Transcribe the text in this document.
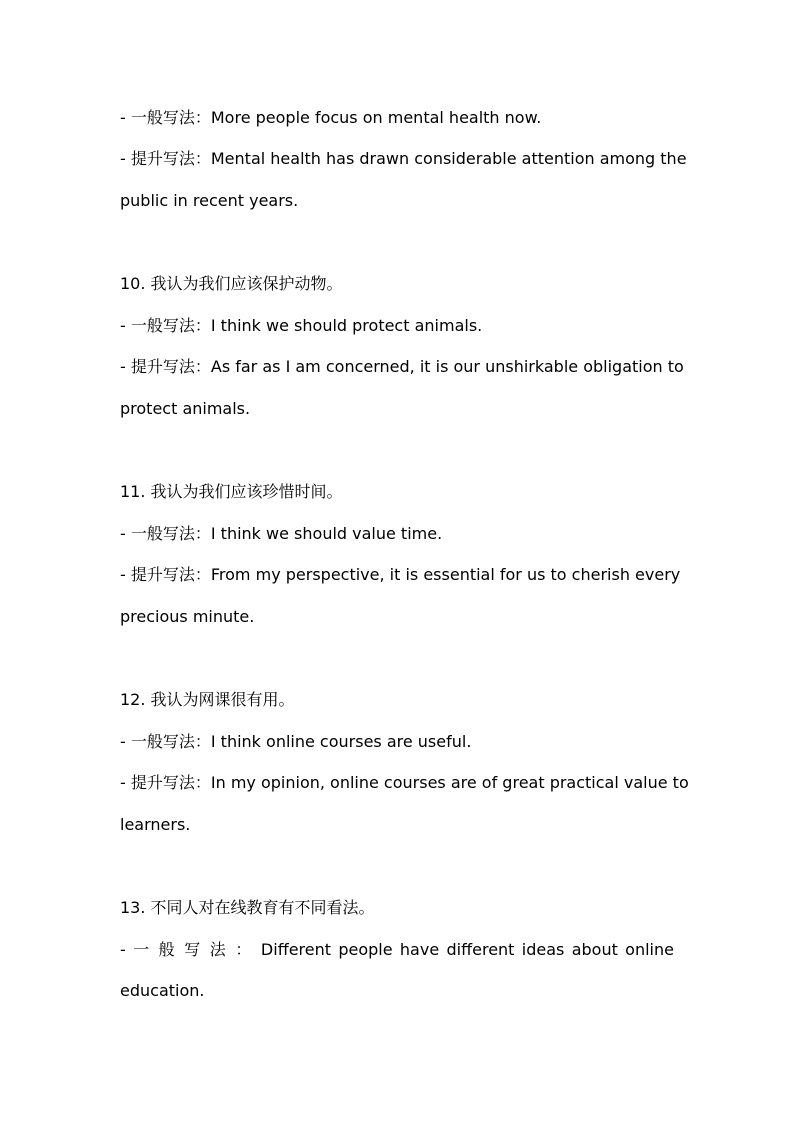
- 一般写法：More people focus on mental health now.
- 提升写法：Mental health has drawn considerable attention among the
public in recent years.
10. 我认为我们应该保护动物。
- 一般写法：I think we should protect animals.
- 提升写法：As far as I am concerned, it is our unshirkable obligation to
protect animals.
11. 我认为我们应该珍惜时间。
- 一般写法：I think we should value time.
- 提升写法：From my perspective, it is essential for us to cherish every
precious minute.
12. 我认为网课很有用。
- 一般写法：I think online courses are useful.
- 提升写法：In my opinion, online courses are of great practical value to
learners.
13. 不同人对在线教育有不同看法。
- 一 般 写 法 ： Different people have different ideas about online
education.
